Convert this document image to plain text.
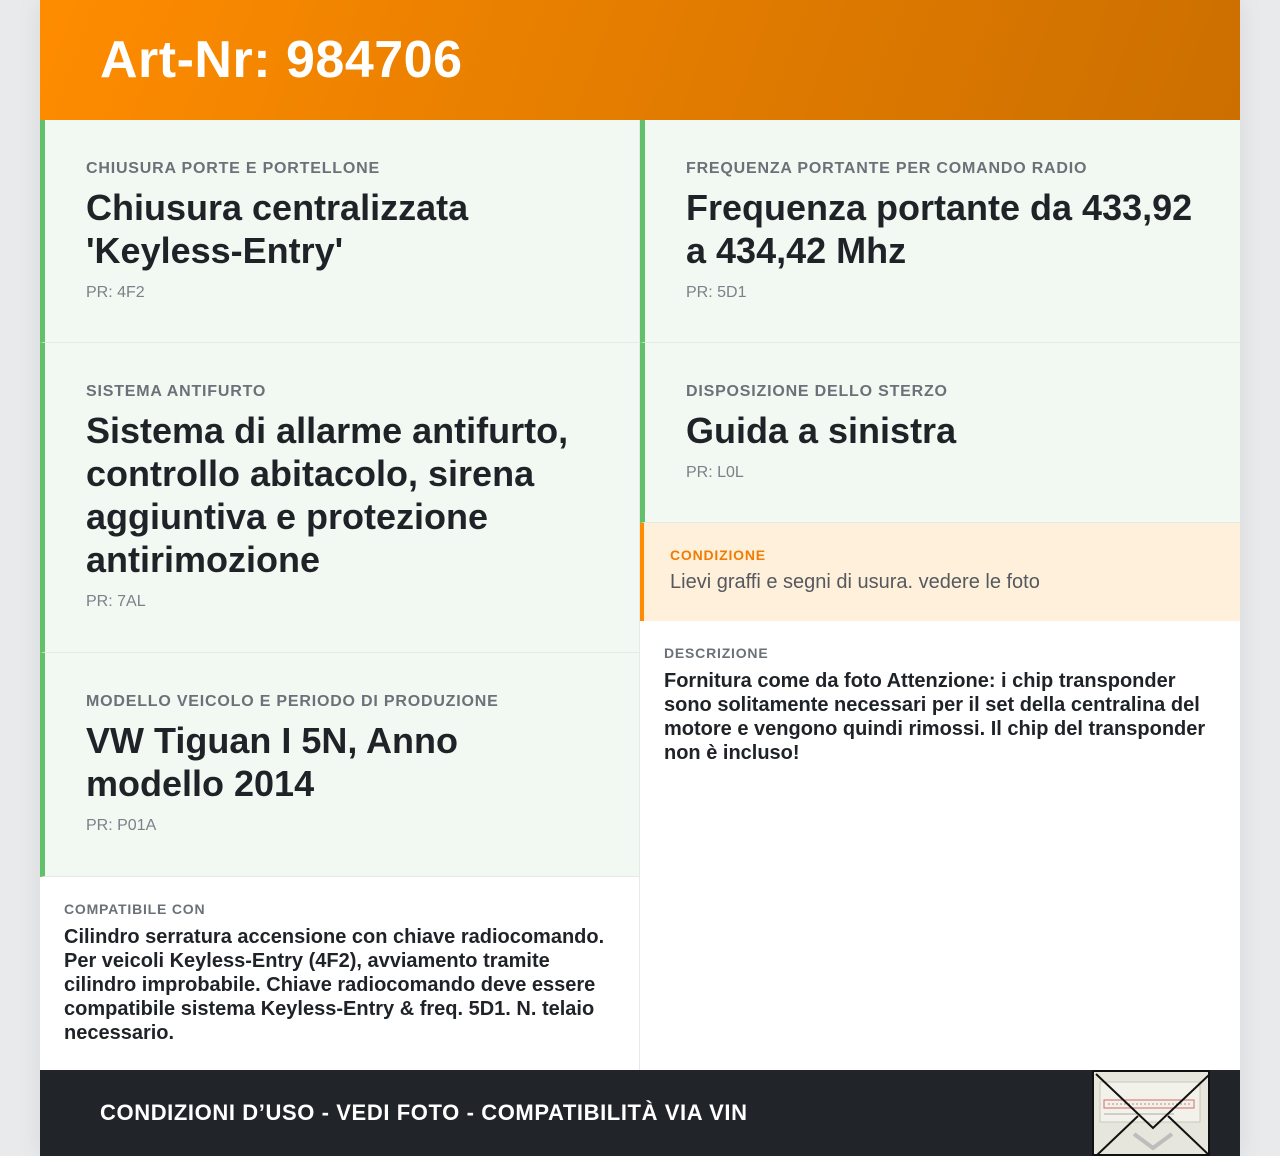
Art-Nr: 984706
CHIUSURA PORTE E PORTELLONE
Chiusura centralizzata 'Keyless-Entry'
PR: 4F2
SISTEMA ANTIFURTO
Sistema di allarme antifurto, controllo abitacolo, sirena aggiuntiva e protezione antirimozione
PR: 7AL
MODELLO VEICOLO E PERIODO DI PRODUZIONE
VW Tiguan I 5N, Anno modello 2014
PR: P01A
COMPATIBILE CON
Cilindro serratura accensione con chiave radiocomando. Per veicoli Keyless-Entry (4F2), avviamento tramite cilindro improbabile. Chiave radiocomando deve essere compatibile sistema Keyless-Entry & freq. 5D1. N. telaio necessario.
FREQUENZA PORTANTE PER COMANDO RADIO
Frequenza portante da 433,92 a 434,42 Mhz
PR: 5D1
DISPOSIZIONE DELLO STERZO
Guida a sinistra
PR: L0L
CONDIZIONE
Lievi graffi e segni di usura. vedere le foto
DESCRIZIONE
Fornitura come da foto Attenzione: i chip transponder sono solitamente necessari per il set della centralina del motore e vengono quindi rimossi. Il chip del transponder non è incluso!
CONDIZIONI D’USO - VEDI FOTO - COMPATIBILITÀ VIA VIN
